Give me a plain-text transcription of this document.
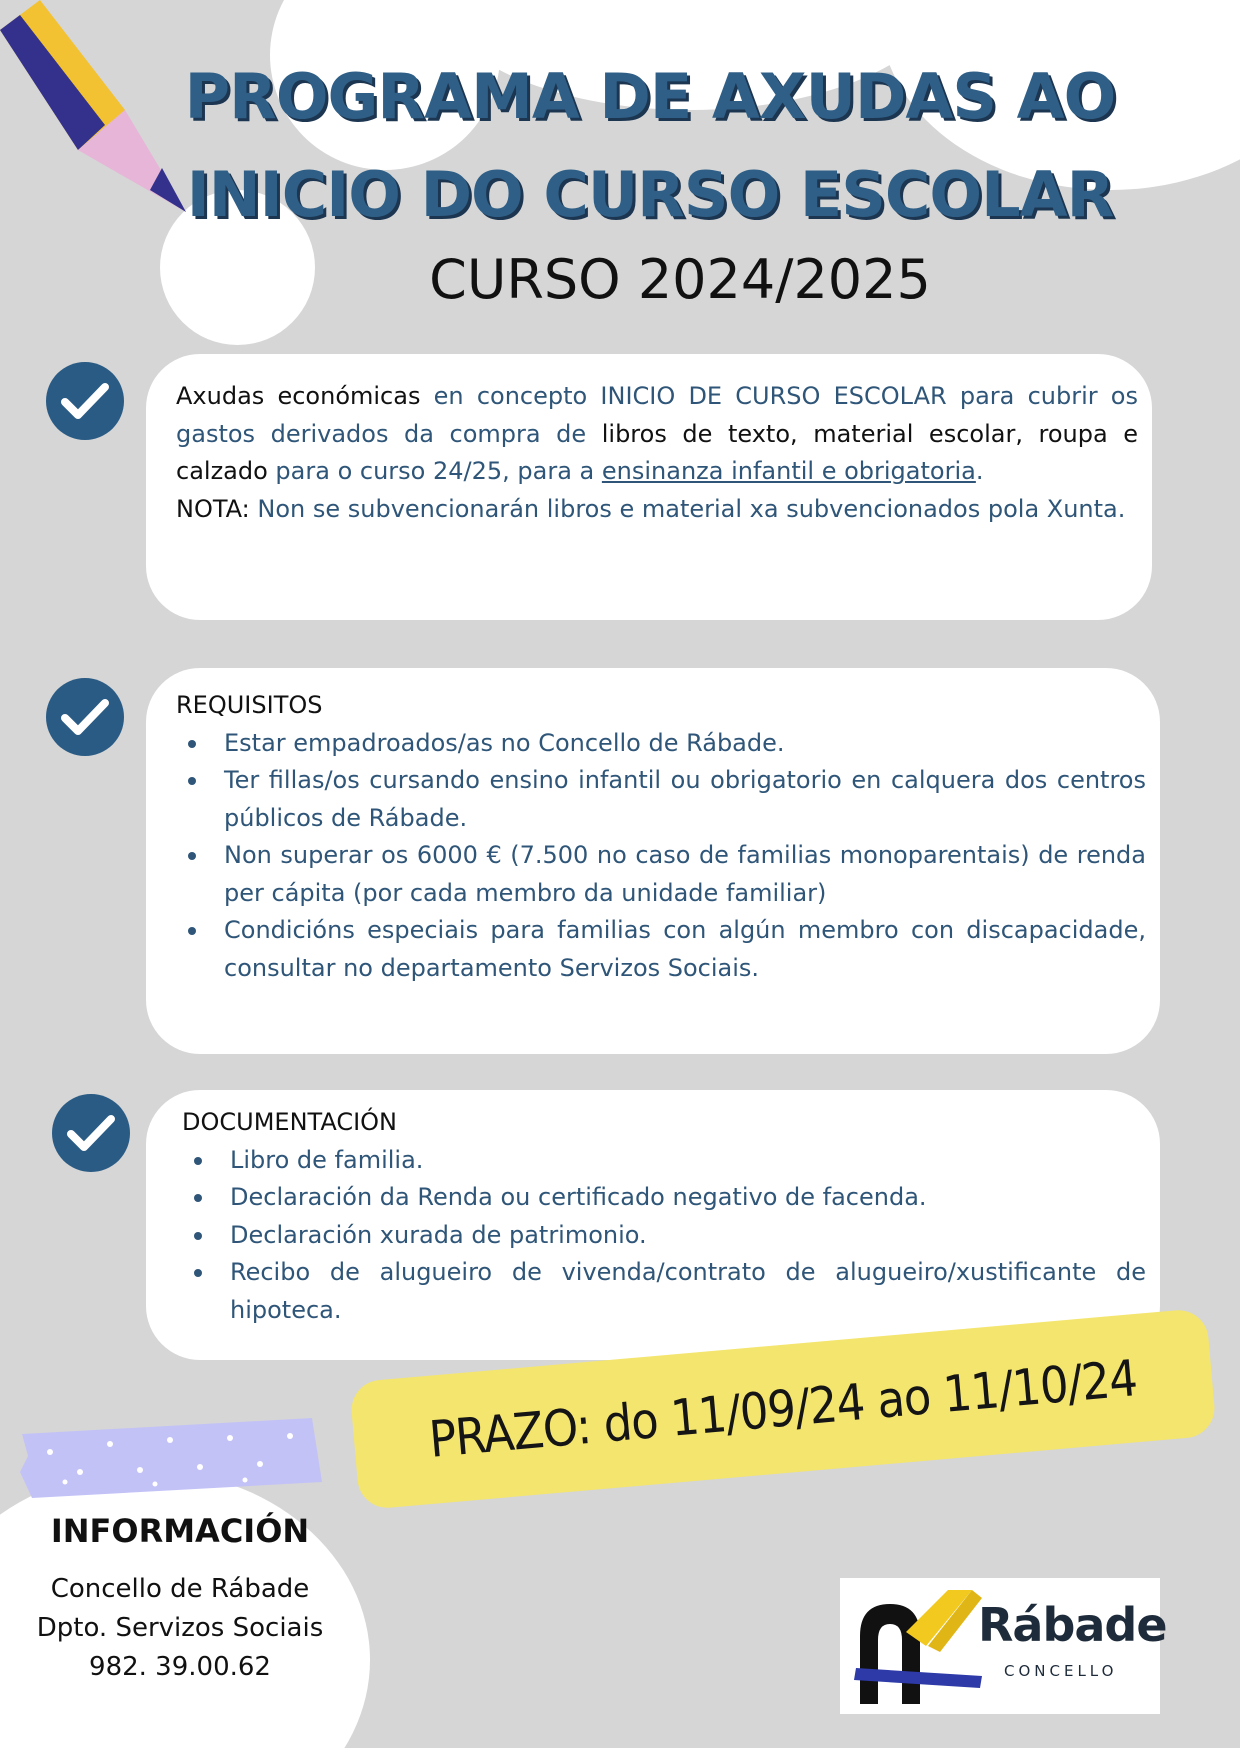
PROGRAMA DE AXUDAS AO
INICIO DO CURSO ESCOLAR
CURSO 2024/2025

Axudas económicas en concepto INICIO DE CURSO ESCOLAR para cubrir os gastos derivados da compra de libros de texto, material escolar, roupa e calzado para o curso 24/25, para a ensinanza infantil e obrigatoria.

NOTA: Non se subvencionarán libros e material xa subvencionados pola Xunta.

REQUISITOS
Estar empadroados/as no Concello de Rábade.
Ter fillas/os cursando ensino infantil ou obrigatorio en calquera dos centros públicos de Rábade.
Non superar os 6000 € (7.500 no caso de familias monoparentais) de renda per cápita (por cada membro da unidade familiar)
Condicións especiais para familias con algún membro con discapacidade, consultar no departamento Servizos Sociais.
DOCUMENTACIÓN
Libro de familia.
Declaración da Renda ou certificado negativo de facenda.
Declaración xurada de patrimonio.
Recibo de alugueiro de vivenda/contrato de alugueiro/xustificante de hipoteca.
PRAZO: do 11/09/24 ao 11/10/24
INFORMACIÓN
Concello de Rábade
Dpto. Servizos Sociais
982. 39.00.62
Rábade
CONCELLO
